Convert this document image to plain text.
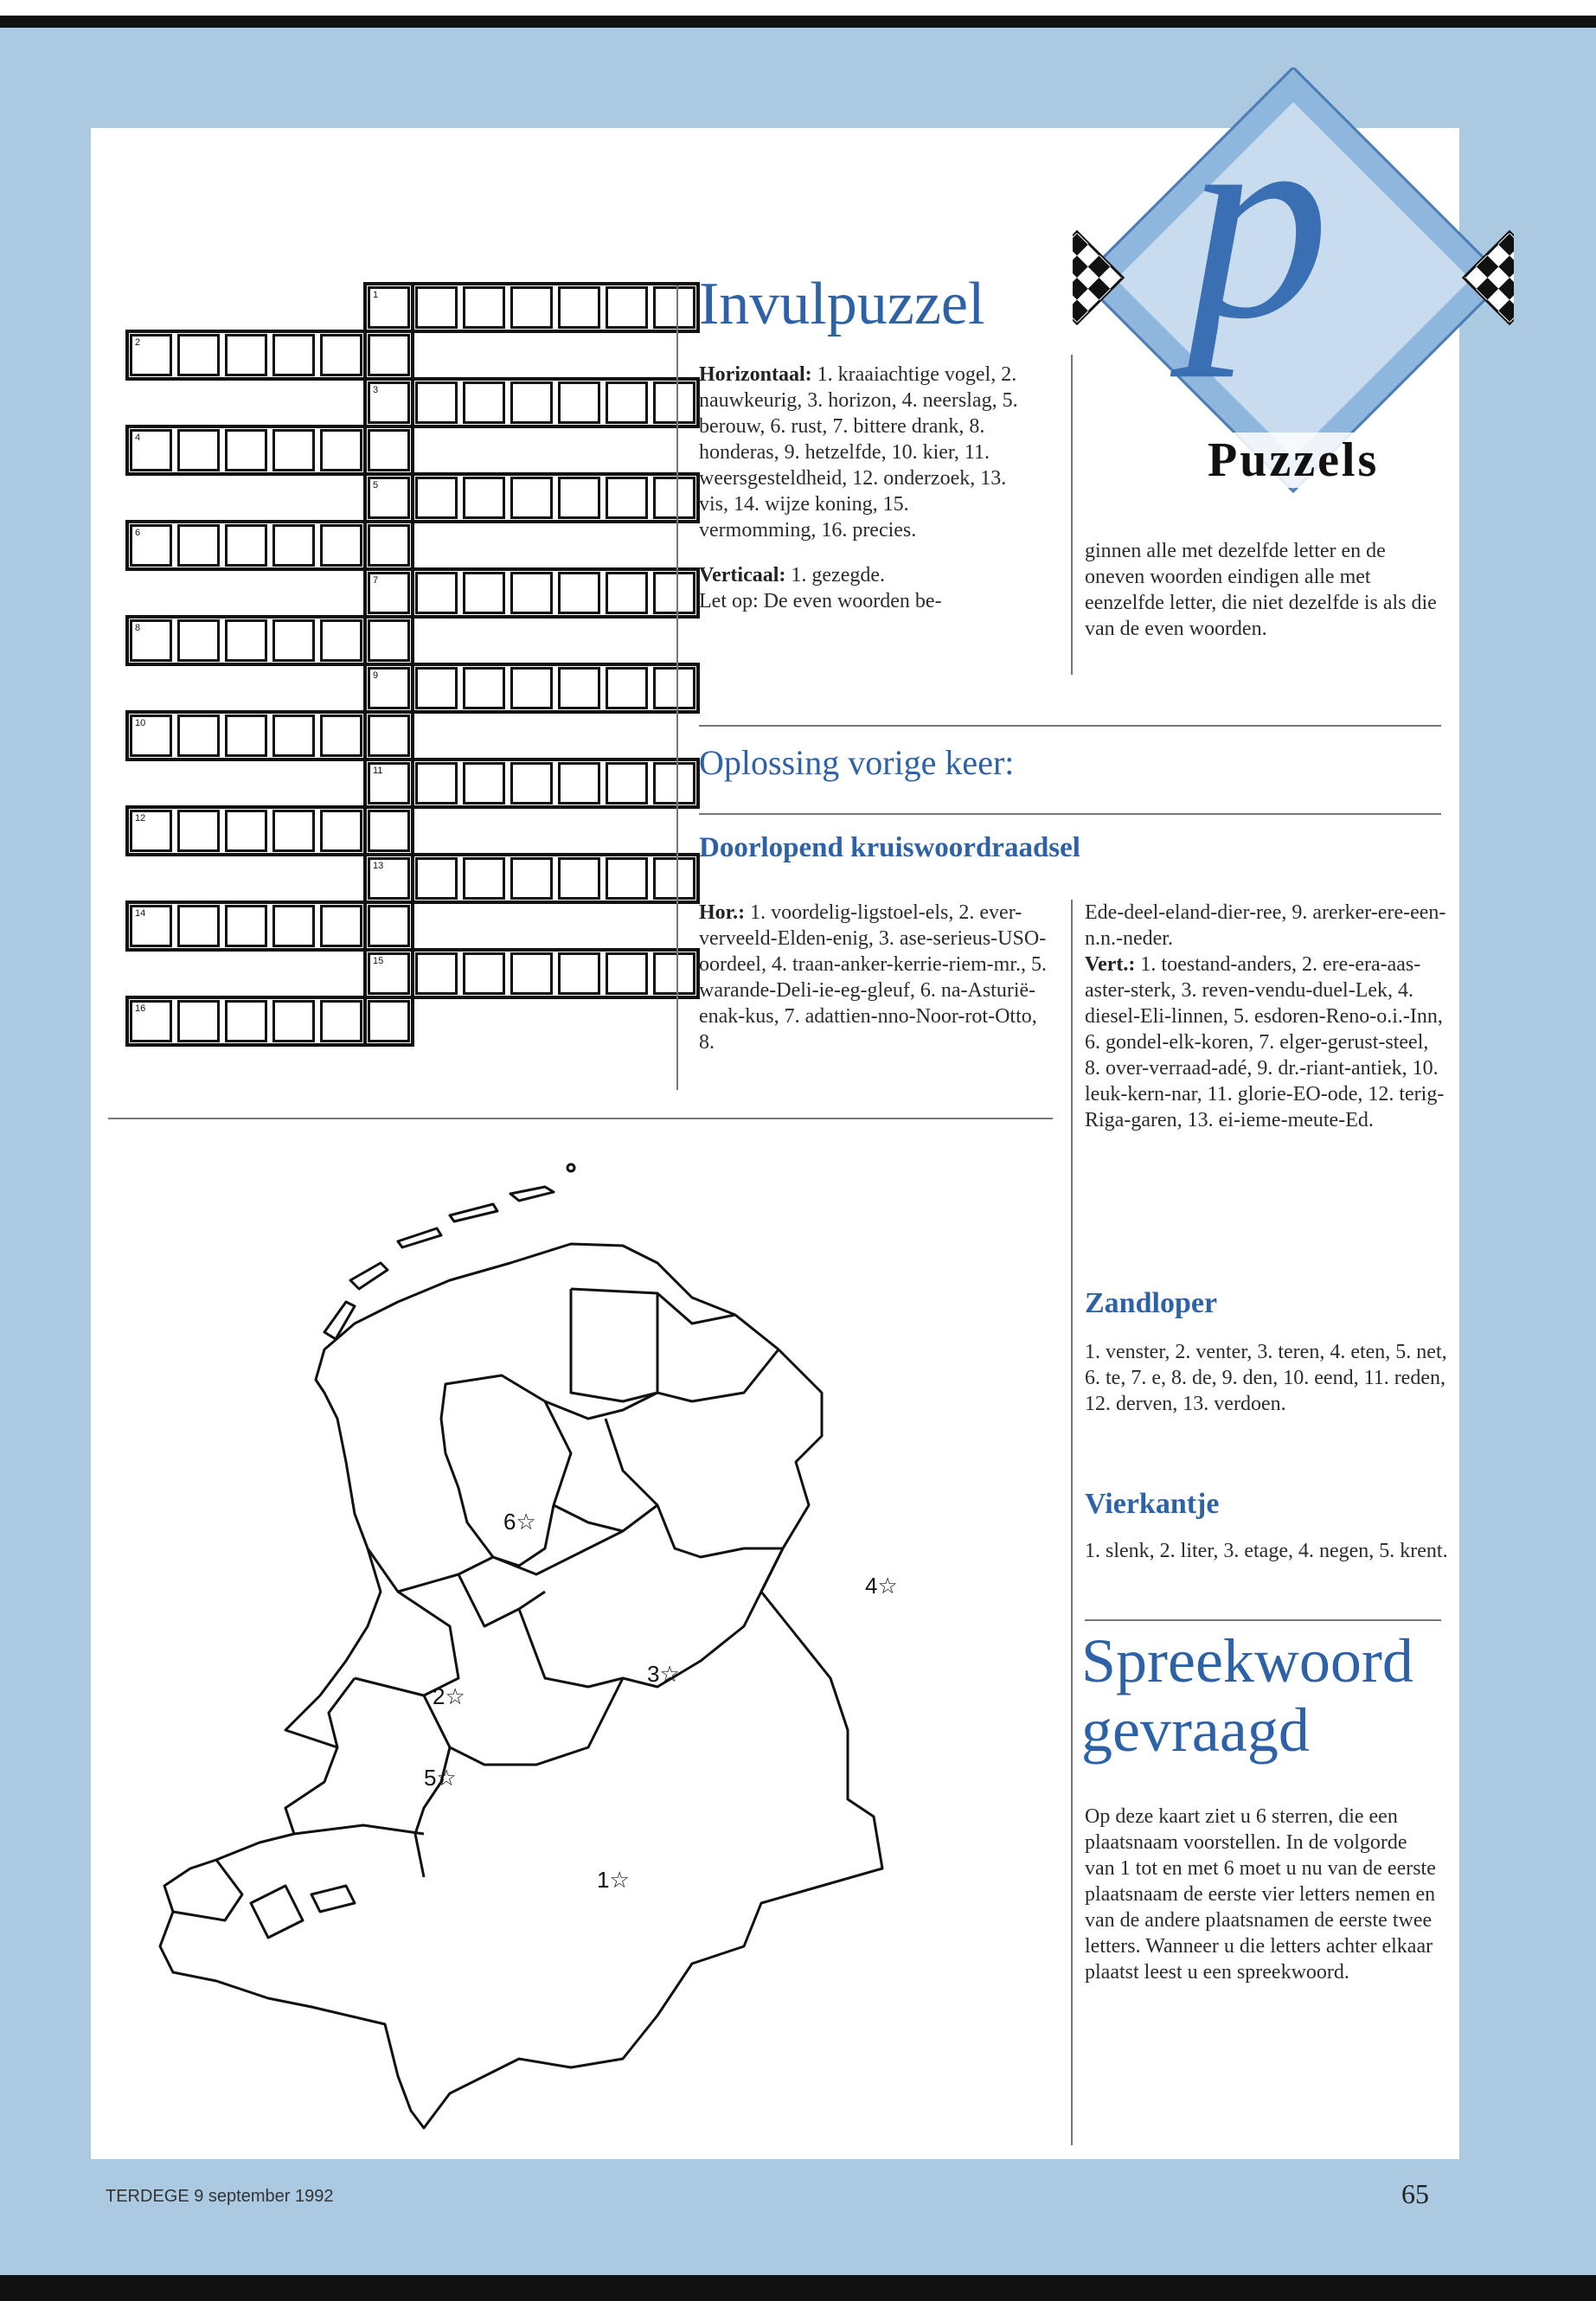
p
Puzzels
1
2
3
4
5
6
7
8
9
10
11
12
13
14
15
16
Invulpuzzel
Horizontaal: 1. kraaiachtige vogel, 2. nauwkeurig, 3. horizon, 4. neerslag, 5. berouw, 6. rust, 7. bittere drank, 8. honderas, 9. hetzelfde, 10. kier, 11. weersgesteldheid, 12. onderzoek, 13. vis, 14. wijze koning, 15. vermomming, 16. precies.
Verticaal: 1. gezegde.
Let op: De even woorden be-
ginnen alle met dezelfde letter en de oneven woorden eindigen alle met eenzelfde letter, die niet dezelfde is als die van de even woorden.
Oplossing vorige keer:
Doorlopend kruiswoordraadsel
Hor.: 1. voordelig-ligstoel-els, 2. ever-verveeld-Elden-enig, 3. ase-serieus-USO-oordeel, 4. traan-anker-kerrie-riem-mr., 5. warande-Deli-ie-eg-gleuf, 6. na-Asturië-enak-kus, 7. adattien-nno-Noor-rot-Otto, 8.
Ede-deel-eland-dier-ree, 9. arerker-ere-een-n.n.-neder.
Vert.: 1. toestand-anders, 2. ere-era-aas-aster-sterk, 3. reven-vendu-duel-Lek, 4. diesel-Eli-linnen, 5. esdoren-Reno-o.i.-Inn, 6. gondel-elk-koren, 7. elger-gerust-steel, 8. over-verraad-adé, 9. dr.-riant-antiek, 10. leuk-kern-nar, 11. glorie-EO-ode, 12. terig-Riga-garen, 13. ei-ieme-meute-Ed.
Zandloper
1. venster, 2. venter, 3. teren, 4. eten, 5. net, 6. te, 7. e, 8. de, 9. den, 10. eend, 11. reden, 12. derven, 13. verdoen.
Vierkantje
1. slenk, 2. liter, 3. etage, 4. negen, 5. krent.
Spreekwoord
gevraagd
Op deze kaart ziet u 6 sterren, die een plaatsnaam voorstellen. In de volgorde van 1 tot en met 6 moet u nu van de eerste plaatsnaam de eerste vier letters nemen en van de andere plaatsnamen de eerste twee letters. Wanneer u die letters achter elkaar plaatst leest u een spreekwoord.
1☆
2☆
3☆
4☆
5☆
6☆
TERDEGE 9 september 1992	65
